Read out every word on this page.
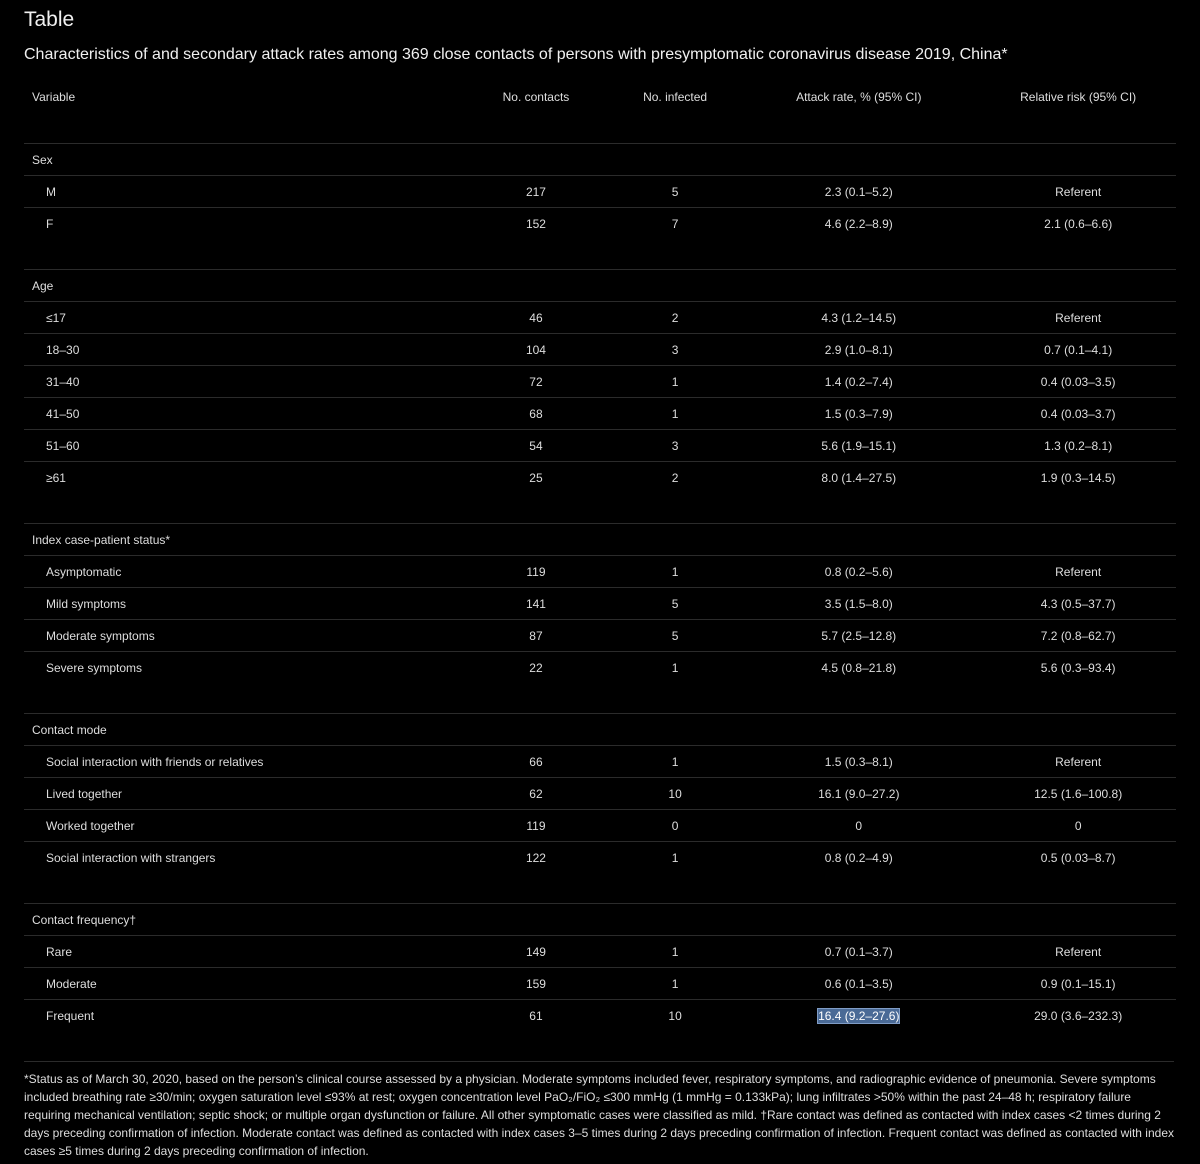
Table

Characteristics of and secondary attack rates among 369 close contacts of persons with presymptomatic coronavirus disease 2019, China*

Variable	No. contacts	No. infected	Attack rate, % (95% CI)	Relative risk (95% CI)

Sex				
M	217	5	2.3 (0.1–5.2)	Referent
F	152	7	4.6 (2.2–8.9)	2.1 (0.6–6.6)

Age				
≤17	46	2	4.3 (1.2–14.5)	Referent
18–30	104	3	2.9 (1.0–8.1)	0.7 (0.1–4.1)
31–40	72	1	1.4 (0.2–7.4)	0.4 (0.03–3.5)
41–50	68	1	1.5 (0.3–7.9)	0.4 (0.03–3.7)
51–60	54	3	5.6 (1.9–15.1)	1.3 (0.2–8.1)
≥61	25	2	8.0 (1.4–27.5)	1.9 (0.3–14.5)

Index case-patient status*				
Asymptomatic	119	1	0.8 (0.2–5.6)	Referent
Mild symptoms	141	5	3.5 (1.5–8.0)	4.3 (0.5–37.7)
Moderate symptoms	87	5	5.7 (2.5–12.8)	7.2 (0.8–62.7)
Severe symptoms	22	1	4.5 (0.8–21.8)	5.6 (0.3–93.4)

Contact mode				
Social interaction with friends or relatives	66	1	1.5 (0.3–8.1)	Referent
Lived together	62	10	16.1 (9.0–27.2)	12.5 (1.6–100.8)
Worked together	119	0	0	0
Social interaction with strangers	122	1	0.8 (0.2–4.9)	0.5 (0.03–8.7)

Contact frequency†				
Rare	149	1	0.7 (0.1–3.7)	Referent
Moderate	159	1	0.6 (0.1–3.5)	0.9 (0.1–15.1)
Frequent	61	10	16.4 (9.2–27.6)	29.0 (3.6–232.3)

*Status as of March 30, 2020, based on the person’s clinical course assessed by a physician. Moderate symptoms included fever, respiratory symptoms, and radiographic evidence of pneumonia. Severe symptoms included breathing rate ≥30/min; oxygen saturation level ≤93% at rest; oxygen concentration level PaO₂/FiO₂ ≤300 mmHg (1 mmHg = 0.133kPa); lung infiltrates >50% within the past 24–48 h; respiratory failure requiring mechanical ventilation; septic shock; or multiple organ dysfunction or failure. All other symptomatic cases were classified as mild. †Rare contact was defined as contacted with index cases <2 times during 2 days preceding confirmation of infection. Moderate contact was defined as contacted with index cases 3–5 times during 2 days preceding confirmation of infection. Frequent contact was defined as contacted with index cases ≥5 times during 2 days preceding confirmation of infection.
